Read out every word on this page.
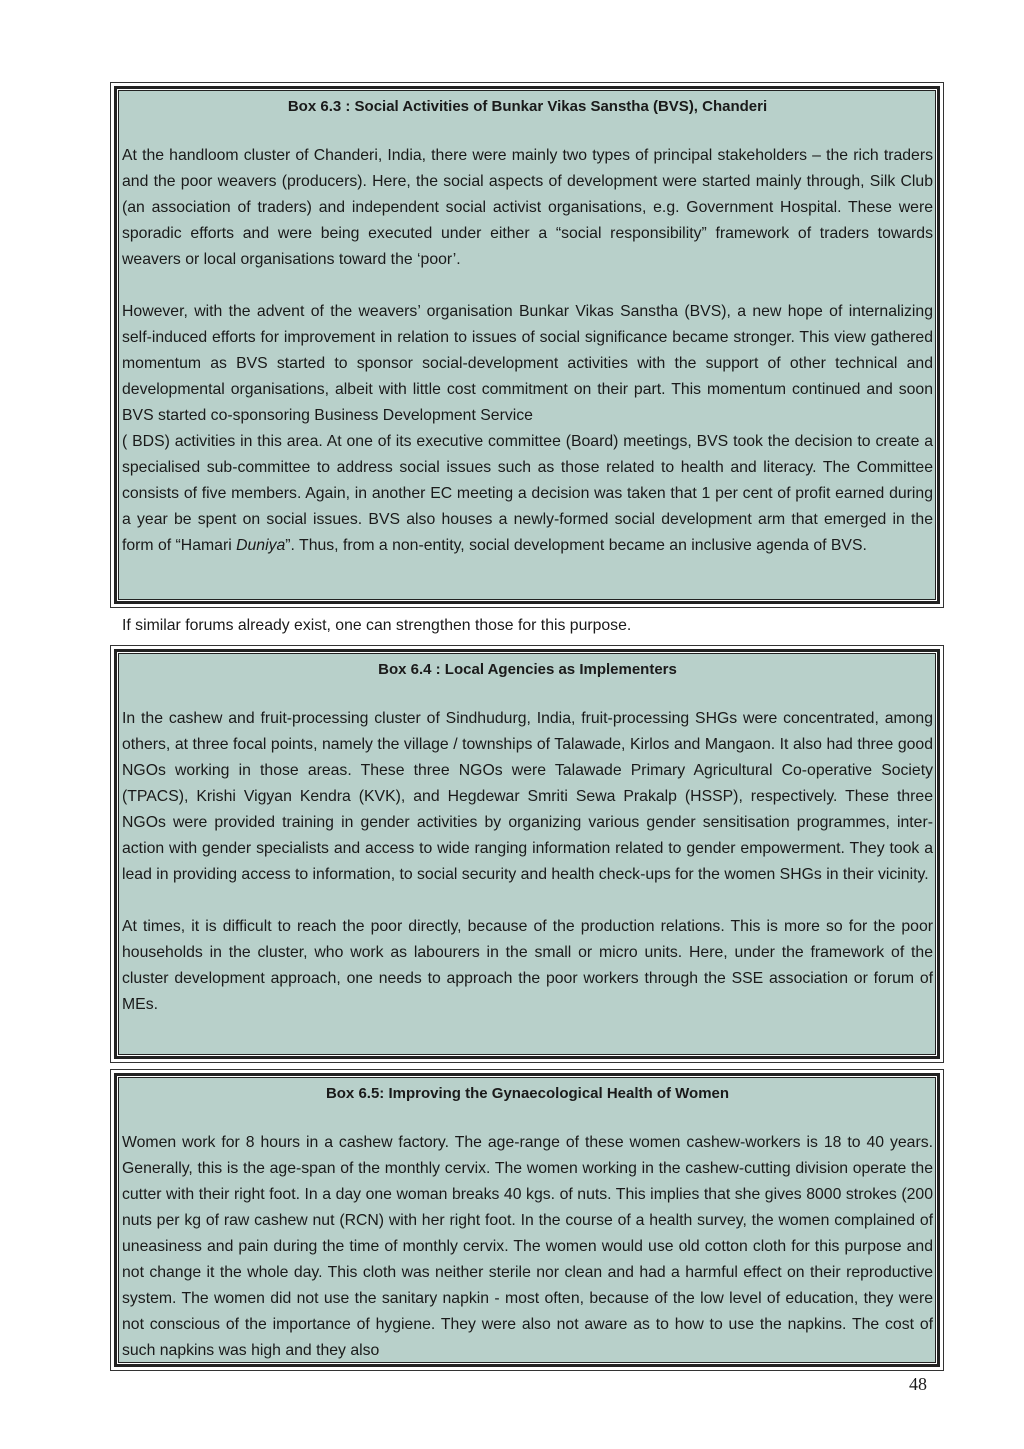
Box 6.3 : Social Activities of Bunkar Vikas Sanstha (BVS), Chanderi

At the handloom cluster of Chanderi, India, there were mainly two types of principal stakeholders – the rich traders and the poor weavers (producers). Here, the social aspects of development were started mainly through, Silk Club (an association of traders) and independent social activist organisations, e.g. Government Hospital. These were sporadic efforts and were being executed under either a “social responsibility” framework of traders towards weavers or local organisations toward the ‘poor’.

However, with the advent of the weavers’ organisation Bunkar Vikas Sanstha (BVS), a new hope of internalizing self-induced efforts for improvement in relation to issues of social significance became stronger. This view gathered momentum as BVS started to sponsor social-development activities with the support of other technical and developmental organisations, albeit with little cost commitment on their part. This momentum continued and soon BVS started co-sponsoring Business Development Service
( BDS) activities in this area. At one of its executive committee (Board) meetings, BVS took the decision to create a specialised sub-committee to address social issues such as those related to health and literacy. The Committee consists of five members. Again, in another EC meeting a decision was taken that 1 per cent of profit earned during a year be spent on social issues. BVS also houses a newly-formed social development arm that emerged in the form of “Hamari Duniya”. Thus, from a non-entity, social development became an inclusive agenda of BVS.

If similar forums already exist, one can strengthen those for this purpose.

Box 6.4 : Local Agencies as Implementers

In the cashew and fruit-processing cluster of Sindhudurg, India, fruit-processing SHGs were concentrated, among others, at three focal points, namely the village / townships of Talawade, Kirlos and Mangaon. It also had three good NGOs working in those areas. These three NGOs were Talawade Primary Agricultural Co-operative Society (TPACS), Krishi Vigyan Kendra (KVK), and Hegdewar Smriti Sewa Prakalp (HSSP), respectively. These three NGOs were provided training in gender activities by organizing various gender sensitisation programmes, inter-action with gender specialists and access to wide ranging information related to gender empowerment. They took a lead in providing access to information, to social security and health check-ups for the women SHGs in their vicinity.

At times, it is difficult to reach the poor directly, because of the production relations. This is more so for the poor households in the cluster, who work as labourers in the small or micro units. Here, under the framework of the cluster development approach, one needs to approach the poor workers through the SSE association or forum of MEs.

Box 6.5: Improving the Gynaecological Health of Women

Women work for 8 hours in a cashew factory. The age-range of these women cashew-workers is 18 to 40 years. Generally, this is the age-span of the monthly cervix. The women working in the cashew-cutting division operate the cutter with their right foot. In a day one woman breaks 40 kgs. of nuts. This implies that she gives 8000 strokes (200 nuts per kg of raw cashew nut (RCN) with her right foot. In the course of a health survey, the women complained of uneasiness and pain during the time of monthly cervix. The women would use old cotton cloth for this purpose and not change it the whole day. This cloth was neither sterile nor clean and had a harmful effect on their reproductive system. The women did not use the sanitary napkin - most often, because of the low level of education, they were not conscious of the importance of hygiene. They were also not aware as to how to use the napkins. The cost of such napkins was high and they also

48
